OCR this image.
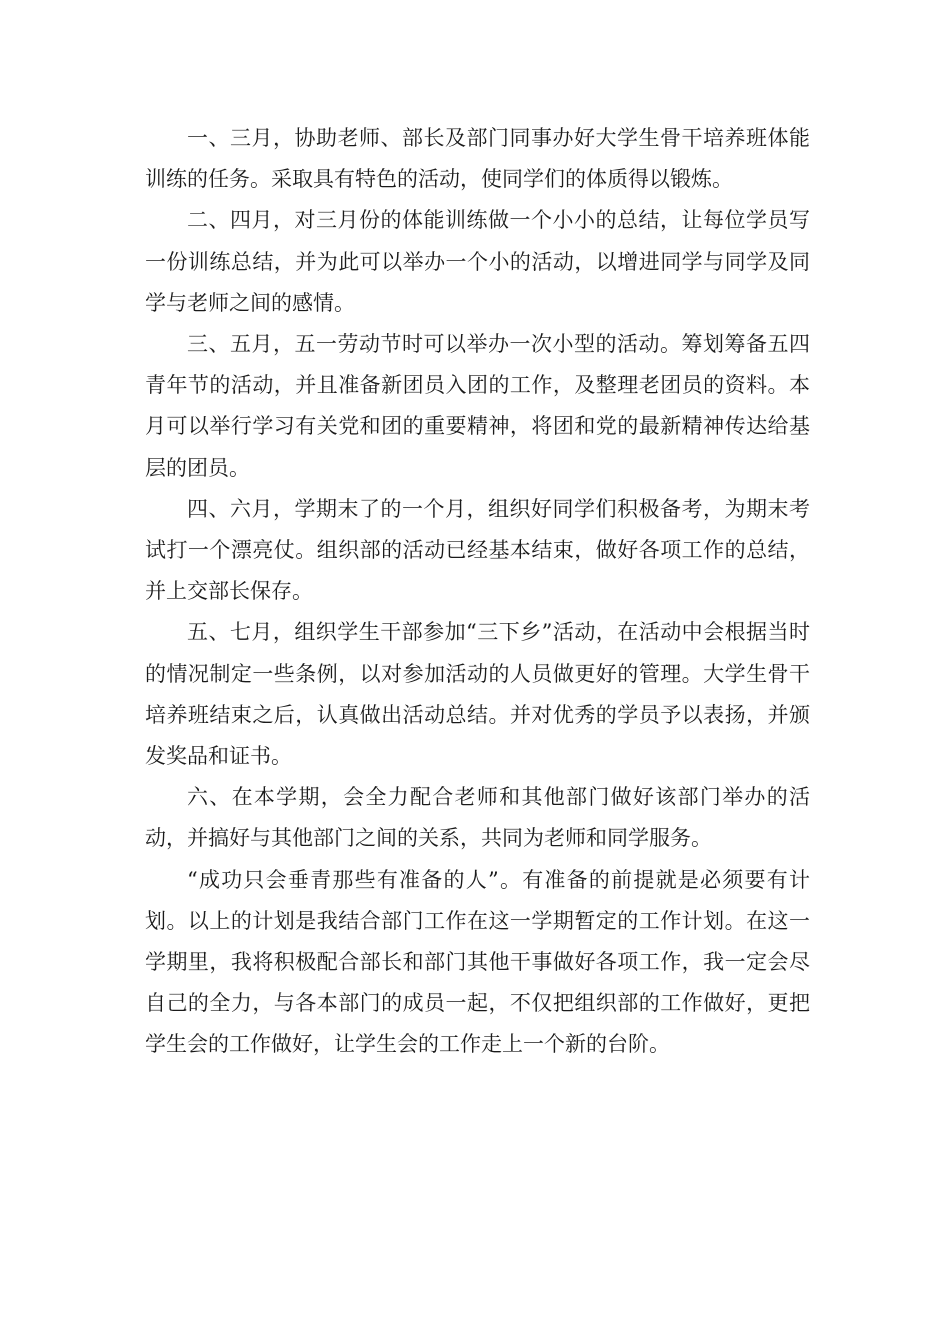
一、三月，协助老师、部长及部门同事办好大学生骨干培养班体能训练的任务。采取具有特色的活动，使同学们的体质得以锻炼。

二、四月，对三月份的体能训练做一个小小的总结，让每位学员写一份训练总结，并为此可以举办一个小的活动，以增进同学与同学及同学与老师之间的感情。

三、五月，五一劳动节时可以举办一次小型的活动。筹划筹备五四青年节的活动，并且准备新团员入团的工作，及整理老团员的资料。本月可以举行学习有关党和团的重要精神，将团和党的最新精神传达给基层的团员。

四、六月，学期末了的一个月，组织好同学们积极备考，为期末考试打一个漂亮仗。组织部的活动已经基本结束，做好各项工作的总结，并上交部长保存。

五、七月，组织学生干部参加“三下乡”活动，在活动中会根据当时的情况制定一些条例，以对参加活动的人员做更好的管理。大学生骨干培养班结束之后，认真做出活动总结。并对优秀的学员予以表扬，并颁发奖品和证书。

六、在本学期，会全力配合老师和其他部门做好该部门举办的活动，并搞好与其他部门之间的关系，共同为老师和同学服务。

“成功只会垂青那些有准备的人”。有准备的前提就是必须要有计划。以上的计划是我结合部门工作在这一学期暂定的工作计划。在这一学期里，我将积极配合部长和部门其他干事做好各项工作，我一定会尽自己的全力，与各本部门的成员一起，不仅把组织部的工作做好，更把学生会的工作做好，让学生会的工作走上一个新的台阶。
